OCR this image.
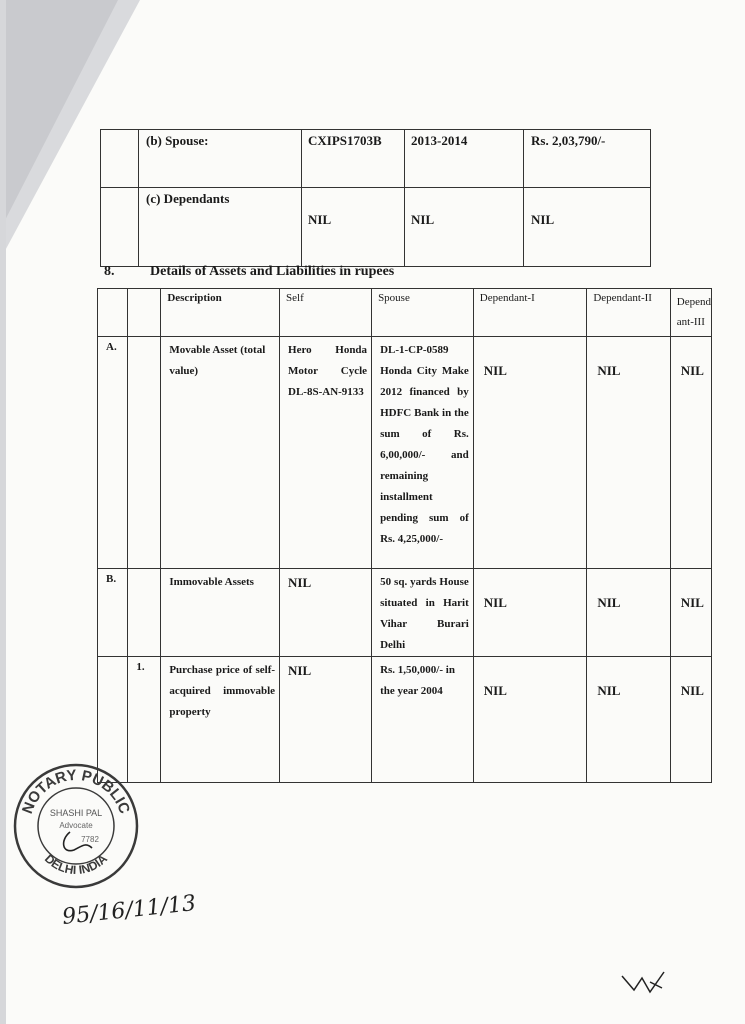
	(b) Spouse:	CXIPS1703B	2013-2014	Rs. 2,03,790/-
	(c) Dependants	NIL	NIL	NIL
8.	Details of Assets and Liabilities in rupees
		Description	Self	Spouse	Dependant-I	Dependant-II	Depend ant-III
A.		Movable Asset (total value)	Hero Honda Motor Cycle DL-8S-AN-9133	DL-1-CP-0589 Honda City Make 2012 financed by HDFC Bank in the sum of Rs. 6,00,000/- and remaining installment pending sum of Rs. 4,25,000/-	NIL	NIL	NIL
B.		Immovable Assets	NIL	50 sq. yards House situated in Harit Vihar Burari Delhi	NIL	NIL	NIL
	1.	Purchase price of self-acquired immovable property	NIL	Rs. 1,50,000/- in the year 2004	NIL	NIL	NIL
NOTARY PUBLIC
DELHI INDIA
SHASHI PAL
Advocate
7782
95/16/11/13
